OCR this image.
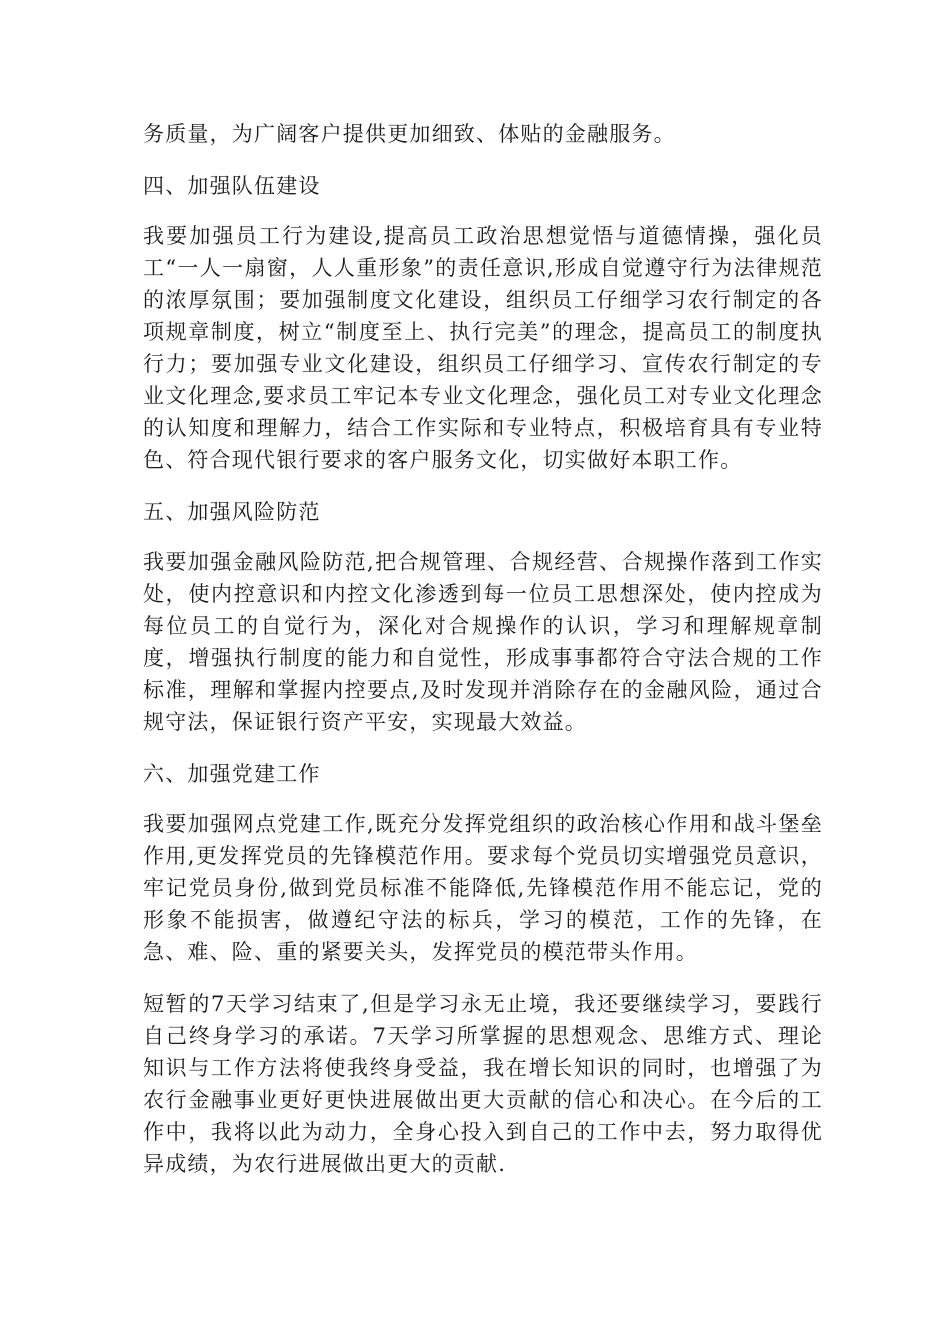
务质量，为广阔客户提供更加细致、体贴的金融服务。

四、加强队伍建设

我要加强员工行为建设,提高员工政治思想觉悟与道德情操，强化员工“一人一扇窗，人人重形象”的责任意识,形成自觉遵守行为法律规范的浓厚氛围；要加强制度文化建设，组织员工仔细学习农行制定的各项规章制度，树立“制度至上、执行完美”的理念，提高员工的制度执行力；要加强专业文化建设，组织员工仔细学习、宣传农行制定的专业文化理念,要求员工牢记本专业文化理念，强化员工对专业文化理念的认知度和理解力，结合工作实际和专业特点，积极培育具有专业特色、符合现代银行要求的客户服务文化，切实做好本职工作。

五、加强风险防范

我要加强金融风险防范,把合规管理、合规经营、合规操作落到工作实处，使内控意识和内控文化渗透到每一位员工思想深处，使内控成为每位员工的自觉行为，深化对合规操作的认识，学习和理解规章制度，增强执行制度的能力和自觉性，形成事事都符合守法合规的工作标准，理解和掌握内控要点,及时发现并消除存在的金融风险，通过合规守法，保证银行资产平安，实现最大效益。

六、加强党建工作

我要加强网点党建工作,既充分发挥党组织的政治核心作用和战斗堡垒作用,更发挥党员的先锋模范作用。要求每个党员切实增强党员意识，牢记党员身份,做到党员标准不能降低,先锋模范作用不能忘记，党的形象不能损害，做遵纪守法的标兵，学习的模范，工作的先锋，在急、难、险、重的紧要关头，发挥党员的模范带头作用。

短暂的7天学习结束了,但是学习永无止境，我还要继续学习，要践行自己终身学习的承诺。7天学习所掌握的思想观念、思维方式、理论知识与工作方法将使我终身受益，我在增长知识的同时，也增强了为农行金融事业更好更快进展做出更大贡献的信心和决心。在今后的工作中，我将以此为动力，全身心投入到自己的工作中去，努力取得优异成绩，为农行进展做出更大的贡献.
